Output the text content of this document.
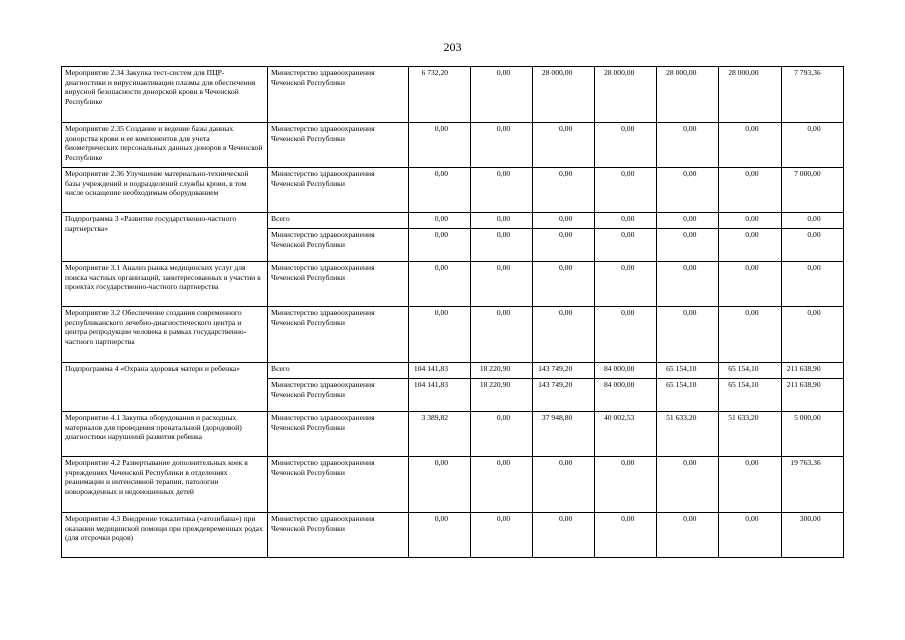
203
Мероприятие 2.34 Закупка тест-систем для ПЦР-диагностики и вирусинактивации плазмы для обеспечения вирусной безопасности донорской крови в Чеченской Республике	Министерство здравоохранения Чеченской Республики	6 732,20	0,00	28 000,00	28 000,00	28 000,00	28 000,00	7 793,36
Мероприятие 2.35 Создание и ведение базы данных донорства крови и ее компонентов для учета биометрических персональных данных доноров в Чеченской Республике	Министерство здравоохранения Чеченской Республики	0,00	0,00	0,00	0,00	0,00	0,00	0,00
Мероприятие 2.36 Улучшение материально-технической базы учреждений и подразделений службы крови, в том числе оснащение необходимым оборудованием	Министерство здравоохранения Чеченской Республики	0,00	0,00	0,00	0,00	0,00	0,00	7 000,00
Подпрограмма 3 «Развитие государственно-частного партнерства»	Всего	0,00	0,00	0,00	0,00	0,00	0,00	0,00
	Министерство здравоохранения Чеченской Республики	0,00	0,00	0,00	0,00	0,00	0,00	0,00
Мероприятие 3.1 Анализ рынка медицинских услуг для поиска частных организаций, заинтересованных в участии в проектах государственно-частного партнерства	Министерство здравоохранения Чеченской Республики	0,00	0,00	0,00	0,00	0,00	0,00	0,00
Мероприятие 3.2 Обеспечение создания современного республиканского лечебно-диагностического центра и центра репродукции человека в рамках государственно-частного партнерства	Министерство здравоохранения Чеченской Республики	0,00	0,00	0,00	0,00	0,00	0,00	0,00
Подпрограмма 4 «Охрана здоровья матери и ребенка»	Всего	104 141,83	18 220,90	143 749,20	84 000,00	65 154,10	65 154,10	211 638,90
	Министерство здравоохранения Чеченской Республики	104 141,83	18 220,90	143 749,20	84 000,00	65 154,10	65 154,10	211 638,90
Мероприятие 4.1 Закупка оборудования и расходных материалов для проведения пренатальной (дородовой) диагностики нарушений развития ребенка	Министерство здравоохранения Чеченской Республики	3 389,82	0,00	37 948,80	40 002,53	51 633,20	51 633,20	5 000,00
Мероприятие 4.2 Развертывание дополнительных коек в учреждениях Чеченской Республики в отделениях реанимации и интенсивной терапии, патологии новорожденных и недоношенных детей	Министерство здравоохранения Чеченской Республики	0,00	0,00	0,00	0,00	0,00	0,00	19 763,36
Мероприятие 4.3 Внедрение токалитика («атозибана») при оказании медицинской помощи при преждевременных родах (для отсрочки родов)	Министерство здравоохранения Чеченской Республики	0,00	0,00	0,00	0,00	0,00	0,00	300,00
